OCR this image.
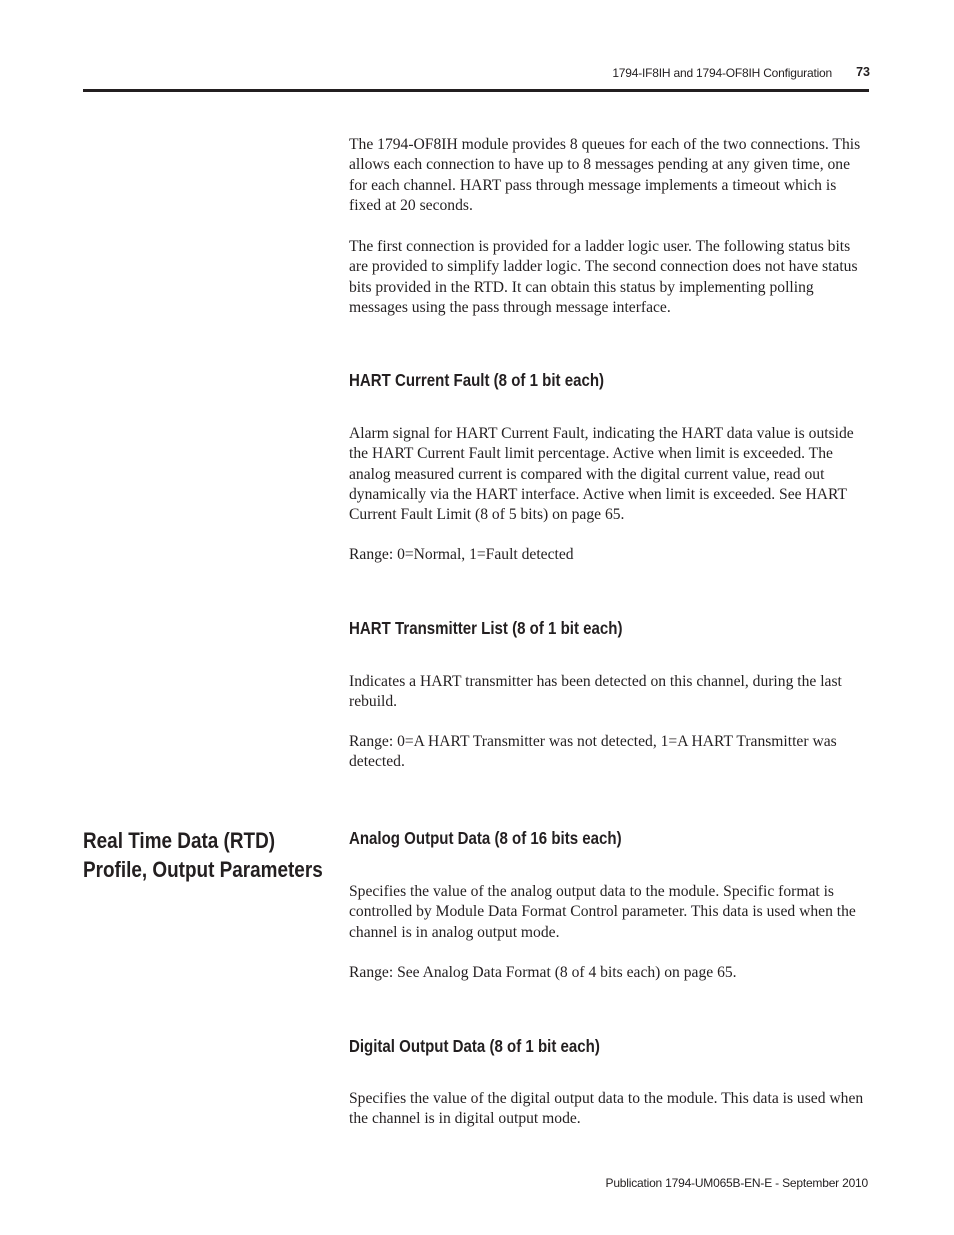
1794-IF8IH and 1794-OF8IH Configuration	73

The 1794-OF8IH module provides 8 queues for each of the two connections. This allows each connection to have up to 8 messages pending at any given time, one for each channel. HART pass through message implements a timeout which is fixed at 20 seconds.

The first connection is provided for a ladder logic user. The following status bits are provided to simplify ladder logic. The second connection does not have status bits provided in the RTD. It can obtain this status by implementing polling messages using the pass through message interface.

HART Current Fault (8 of 1 bit each)

Alarm signal for HART Current Fault, indicating the HART data value is outside the HART Current Fault limit percentage. Active when limit is exceeded. The analog measured current is compared with the digital current value, read out dynamically via the HART interface. Active when limit is exceeded. See HART Current Fault Limit (8 of 5 bits) on page 65.

Range: 0=Normal, 1=Fault detected

HART Transmitter List (8 of 1 bit each)

Indicates a HART transmitter has been detected on this channel, during the last rebuild.

Range: 0=A HART Transmitter was not detected, 1=A HART Transmitter was detected.

Real Time Data (RTD)
Profile, Output Parameters
Analog Output Data (8 of 16 bits each)

Specifies the value of the analog output data to the module. Specific format is controlled by Module Data Format Control parameter. This data is used when the channel is in analog output mode.

Range: See Analog Data Format (8 of 4 bits each) on page 65.

Digital Output Data (8 of 1 bit each)

Specifies the value of the digital output data to the module. This data is used when the channel is in digital output mode.

Publication 1794-UM065B-EN-E - September 2010
